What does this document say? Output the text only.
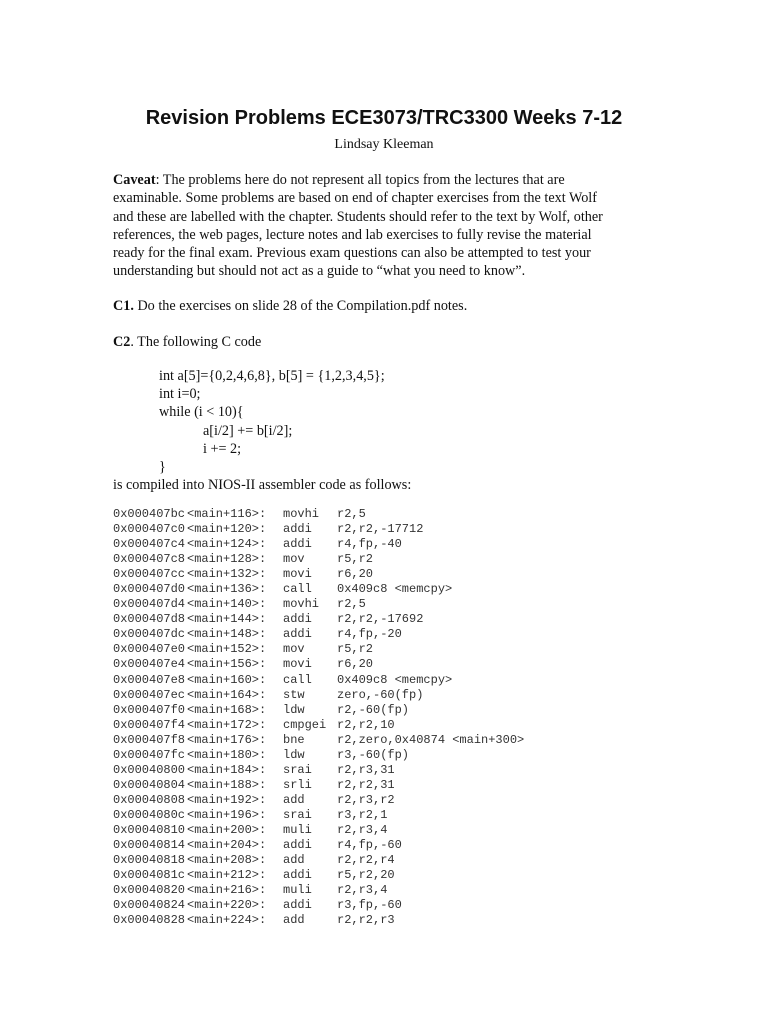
Revision Problems ECE3073/TRC3300 Weeks 7-12
Lindsay Kleeman
Caveat: The problems here do not represent all topics from the lectures that are
examinable. Some problems are based on end of chapter exercises from the text Wolf
and these are labelled with the chapter. Students should refer to the text by Wolf, other
references, the web pages, lecture notes and lab exercises to fully revise the material
ready for the final exam. Previous exam questions can also be attempted to test your
understanding but should not act as a guide to “what you need to know”.
C1. Do the exercises on slide 28 of the Compilation.pdf notes.
C2. The following C code
int a[5]={0,2,4,6,8}, b[5] = {1,2,3,4,5};
int i=0;
while (i < 10){
a[i/2] += b[i/2];
i += 2;
}
is compiled into NIOS-II assembler code as follows:
0x000407bc <main+116>: movhi r2,5
0x000407c0 <main+120>: addi r2,r2,-17712
0x000407c4 <main+124>: addi r4,fp,-40
0x000407c8 <main+128>: mov	r5,r2
0x000407cc <main+132>: movi r6,20
0x000407d0 <main+136>: call 0x409c8 <memcpy>
0x000407d4 <main+140>: movhi r2,5
0x000407d8 <main+144>: addi r2,r2,-17692
0x000407dc <main+148>: addi r4,fp,-20
0x000407e0 <main+152>: mov	r5,r2
0x000407e4 <main+156>: movi r6,20
0x000407e8 <main+160>: call 0x409c8 <memcpy>
0x000407ec <main+164>: stw	zero,-60(fp)
0x000407f0 <main+168>: ldw	r2,-60(fp)
0x000407f4 <main+172>: cmpgei r2,r2,10
0x000407f8 <main+176>: bne	r2,zero,0x40874 <main+300>
0x000407fc <main+180>: ldw	r3,-60(fp)
0x00040800 <main+184>: srai r2,r3,31
0x00040804 <main+188>: srli r2,r2,31
0x00040808 <main+192>: add	r2,r3,r2
0x0004080c <main+196>: srai r3,r2,1
0x00040810 <main+200>: muli r2,r3,4
0x00040814 <main+204>: addi r4,fp,-60
0x00040818 <main+208>: add	r2,r2,r4
0x0004081c <main+212>: addi r5,r2,20
0x00040820 <main+216>: muli r2,r3,4
0x00040824 <main+220>: addi r3,fp,-60
0x00040828 <main+224>: add	r2,r2,r3
